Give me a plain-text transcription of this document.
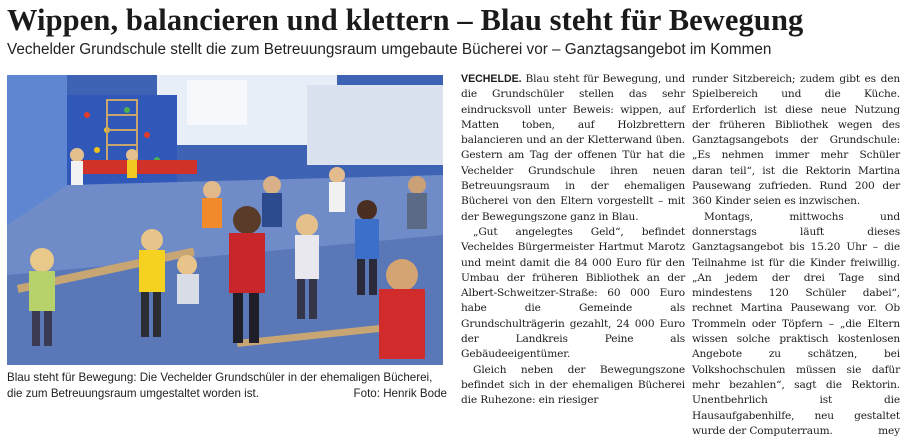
Wippen, balancieren und klettern – Blau steht für Bewegung
Vechelder Grundschule stellt die zum Betreuungsraum umgebaute Bücherei vor – Ganztagsangebot im Kommen
Blau steht für Bewegung: Die Vechelder Grundschüler in der ehemaligen Bücherei, die zum Betreuungsraum umgestaltet worden ist.	Foto: Henrik Bode

VECHELDE. Blau steht für Bewegung, und die Grundschüler stellen das sehr eindrucksvoll unter Beweis: wippen, auf Matten toben, auf Holzbrettern balancieren und an der Kletterwand üben. Gestern am Tag der offenen Tür hat die Vechelder Grundschule ihren neuen Betreuungsraum in der ehemaligen Bücherei von den Eltern vorgestellt – mit der Bewegungszone ganz in Blau.

„Gut angelegtes Geld“, befindet Vecheldes Bürgermeister Hartmut Marotz und meint damit die 84 000 Euro für den Umbau der früheren Bibliothek an der Albert-Schweitzer-Straße: 60 000 Euro habe die Gemeinde als Grundschulträgerin gezahlt, 24 000 Euro der Landkreis Peine als Gebäudeeigentümer.

Gleich neben der Bewegungszone befindet sich in der ehemaligen Bücherei die Ruhezone: ein riesiger

runder Sitzbereich; zudem gibt es den Spielbereich und die Küche. Erforderlich ist diese neue Nutzung der früheren Bibliothek wegen des Ganztagsangebots der Grundschule: „Es nehmen immer mehr Schüler daran teil“, ist die Rektorin Martina Pausewang zufrieden. Rund 200 der 360 Kinder seien es inzwischen.

Montags, mittwochs und donnerstags läuft dieses Ganztagsangebot bis 15.20 Uhr – die Teilnahme ist für die Kinder freiwillig. „An jedem der drei Tage sind mindestens 120 Schüler dabei“, rechnet Martina Pausewang vor. Ob Trommeln oder Töpfern – „die Eltern wissen solche praktisch kostenlosen Angebote zu schätzen, bei Volkshochschulen müssen sie dafür mehr bezahlen“, sagt die Rektorin. Unentbehrlich ist die Hausaufgabenhilfe, neu gestaltet wurde der Computerraum.	mey
